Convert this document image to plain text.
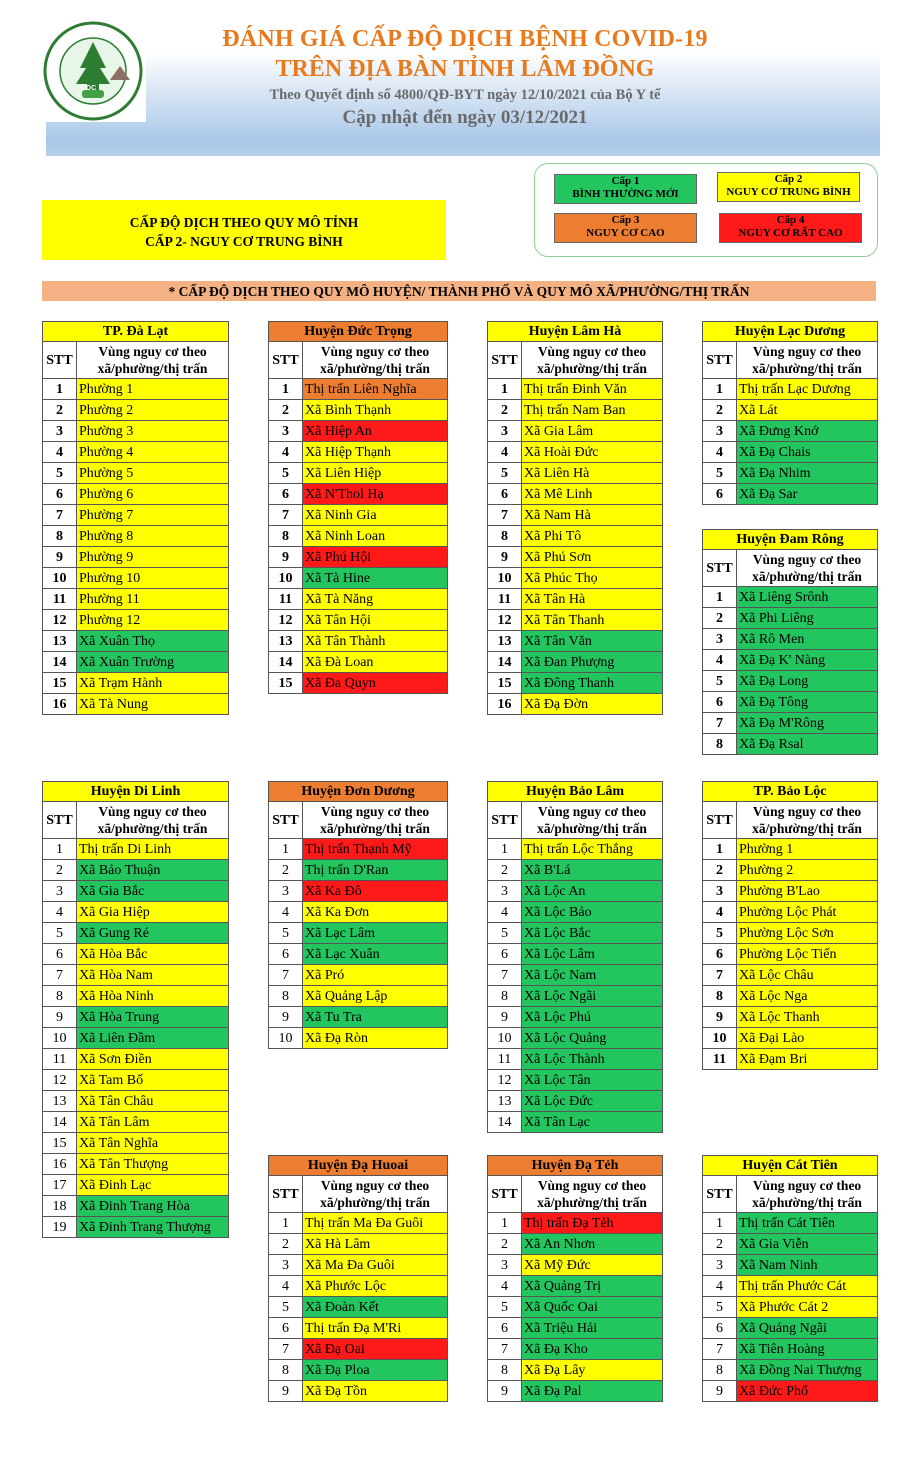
CDC
ĐÁNH GIÁ CẤP ĐỘ DỊCH BỆNH COVID-19
TRÊN ĐỊA BÀN TỈNH LÂM ĐỒNG
Theo Quyết định số 4800/QĐ-BYT ngày 12/10/2021 của Bộ Y tế
Cập nhật đến ngày 03/12/2021
Cấp 1
BÌNH THƯỜNG MỚI
Cấp 2
NGUY CƠ TRUNG BÌNH
Cấp 3
NGUY CƠ CAO
Cấp 4
NGUY CƠ RẤT CAO
CẤP ĐỘ DỊCH THEO QUY MÔ TỈNH
CẤP 2- NGUY CƠ TRUNG BÌNH
* CẤP ĐỘ DỊCH THEO QUY MÔ HUYỆN/ THÀNH PHỐ VÀ QUY MÔ XÃ/PHƯỜNG/THỊ TRẤN
TP. Đà Lạt	
STT	Vùng nguy cơ theo
xã/phường/thị trấn

1	Phường 1
2	Phường 2
3	Phường 3
4	Phường 4
5	Phường 5
6	Phường 6
7	Phường 7
8	Phường 8
9	Phường 9
10	Phường 10
11	Phường 11
12	Phường 12
13	Xã Xuân Thọ
14	Xã Xuân Trường
15	Xã Trạm Hành
16	Xã Tà Nung
Huyện Đức Trọng	
STT	Vùng nguy cơ theo
xã/phường/thị trấn

1	Thị trấn Liên Nghĩa
2	Xã Bình Thạnh
3	Xã Hiệp An
4	Xã Hiệp Thạnh
5	Xã Liên Hiệp
6	Xã N'Thol Hạ
7	Xã Ninh Gia
8	Xã Ninh Loan
9	Xã Phú Hội
10	Xã Tà Hine
11	Xã Tà Năng
12	Xã Tân Hội
13	Xã Tân Thành
14	Xã Đà Loan
15	Xã Đa Quyn
Huyện Lâm Hà	
STT	Vùng nguy cơ theo
xã/phường/thị trấn

1	Thị trấn Đinh Văn
2	Thị trấn Nam Ban
3	Xã Gia Lâm
4	Xã Hoài Đức
5	Xã Liên Hà
6	Xã Mê Linh
7	Xã Nam Hà
8	Xã Phi Tô
9	Xã Phú Sơn
10	Xã Phúc Thọ
11	Xã Tân Hà
12	Xã Tân Thanh
13	Xã Tân Văn
14	Xã Đan Phượng
15	Xã Đông Thanh
16	Xã Đạ Đờn
Huyện Lạc Dương	
STT	Vùng nguy cơ theo
xã/phường/thị trấn

1	Thị trấn Lạc Dương
2	Xã Lát
3	Xã Đưng Knớ
4	Xã Đạ Chais
5	Xã Đạ Nhim
6	Xã Đạ Sar
Huyện Đam Rông	
STT	Vùng nguy cơ theo
xã/phường/thị trấn

1	Xã Liêng Srônh
2	Xã Phi Liêng
3	Xã Rô Men
4	Xã Đạ K' Nàng
5	Xã Đạ Long
6	Xã Đạ Tông
7	Xã Đạ M'Rông
8	Xã Đạ Rsal
Huyện Di Linh	
STT	Vùng nguy cơ theo
xã/phường/thị trấn

1	Thị trấn Di Linh
2	Xã Bảo Thuận
3	Xã Gia Bắc
4	Xã Gia Hiệp
5	Xã Gung Ré
6	Xã Hòa Bắc
7	Xã Hòa Nam
8	Xã Hòa Ninh
9	Xã Hòa Trung
10	Xã Liên Đầm
11	Xã Sơn Điền
12	Xã Tam Bố
13	Xã Tân Châu
14	Xã Tân Lâm
15	Xã Tân Nghĩa
16	Xã Tân Thượng
17	Xã Đinh Lạc
18	Xã Đinh Trang Hòa
19	Xã Đinh Trang Thượng
Huyện Đơn Dương	
STT	Vùng nguy cơ theo
xã/phường/thị trấn

1	Thị trấn Thạnh Mỹ
2	Thị trấn D'Ran
3	Xã Ka Đô
4	Xã Ka Đơn
5	Xã Lạc Lâm
6	Xã Lạc Xuân
7	Xã Pró
8	Xã Quảng Lập
9	Xã Tu Tra
10	Xã Đạ Ròn
Huyện Bảo Lâm	
STT	Vùng nguy cơ theo
xã/phường/thị trấn

1	Thị trấn Lộc Thắng
2	Xã B'Lá
3	Xã Lộc An
4	Xã Lộc Bảo
5	Xã Lộc Bắc
6	Xã Lộc Lâm
7	Xã Lộc Nam
8	Xã Lộc Ngãi
9	Xã Lộc Phú
10	Xã Lộc Quảng
11	Xã Lộc Thành
12	Xã Lộc Tân
13	Xã Lộc Đức
14	Xã Tân Lạc
TP. Bảo Lộc	
STT	Vùng nguy cơ theo
xã/phường/thị trấn

1	Phường 1
2	Phường 2
3	Phường B'Lao
4	Phường Lộc Phát
5	Phường Lộc Sơn
6	Phường Lộc Tiến
7	Xã Lộc Châu
8	Xã Lộc Nga
9	Xã Lộc Thanh
10	Xã Đại Lào
11	Xã Đạm Bri
Huyện Đạ Huoai	
STT	Vùng nguy cơ theo
xã/phường/thị trấn

1	Thị trấn Ma Đa Guôi
2	Xã Hà Lâm
3	Xã Ma Đa Guôi
4	Xã Phước Lộc
5	Xã Đoàn Kết
6	Thị trấn Đạ M'Ri
7	Xã Đạ Oai
8	Xã Đạ Ploa
9	Xã Đạ Tồn
Huyện Đạ Tẻh	
STT	Vùng nguy cơ theo
xã/phường/thị trấn

1	Thị trấn Đạ Tẻh
2	Xã An Nhơn
3	Xã Mỹ Đức
4	Xã Quảng Trị
5	Xã Quốc Oai
6	Xã Triệu Hải
7	Xã Đạ Kho
8	Xã Đạ Lây
9	Xã Đạ Pal
Huyện Cát Tiên	
STT	Vùng nguy cơ theo
xã/phường/thị trấn

1	Thị trấn Cát Tiên
2	Xã Gia Viễn
3	Xã Nam Ninh
4	Thị trấn Phước Cát
5	Xã Phước Cát 2
6	Xã Quảng Ngãi
7	Xã Tiên Hoàng
8	Xã Đồng Nai Thượng
9	Xã Đức Phổ
